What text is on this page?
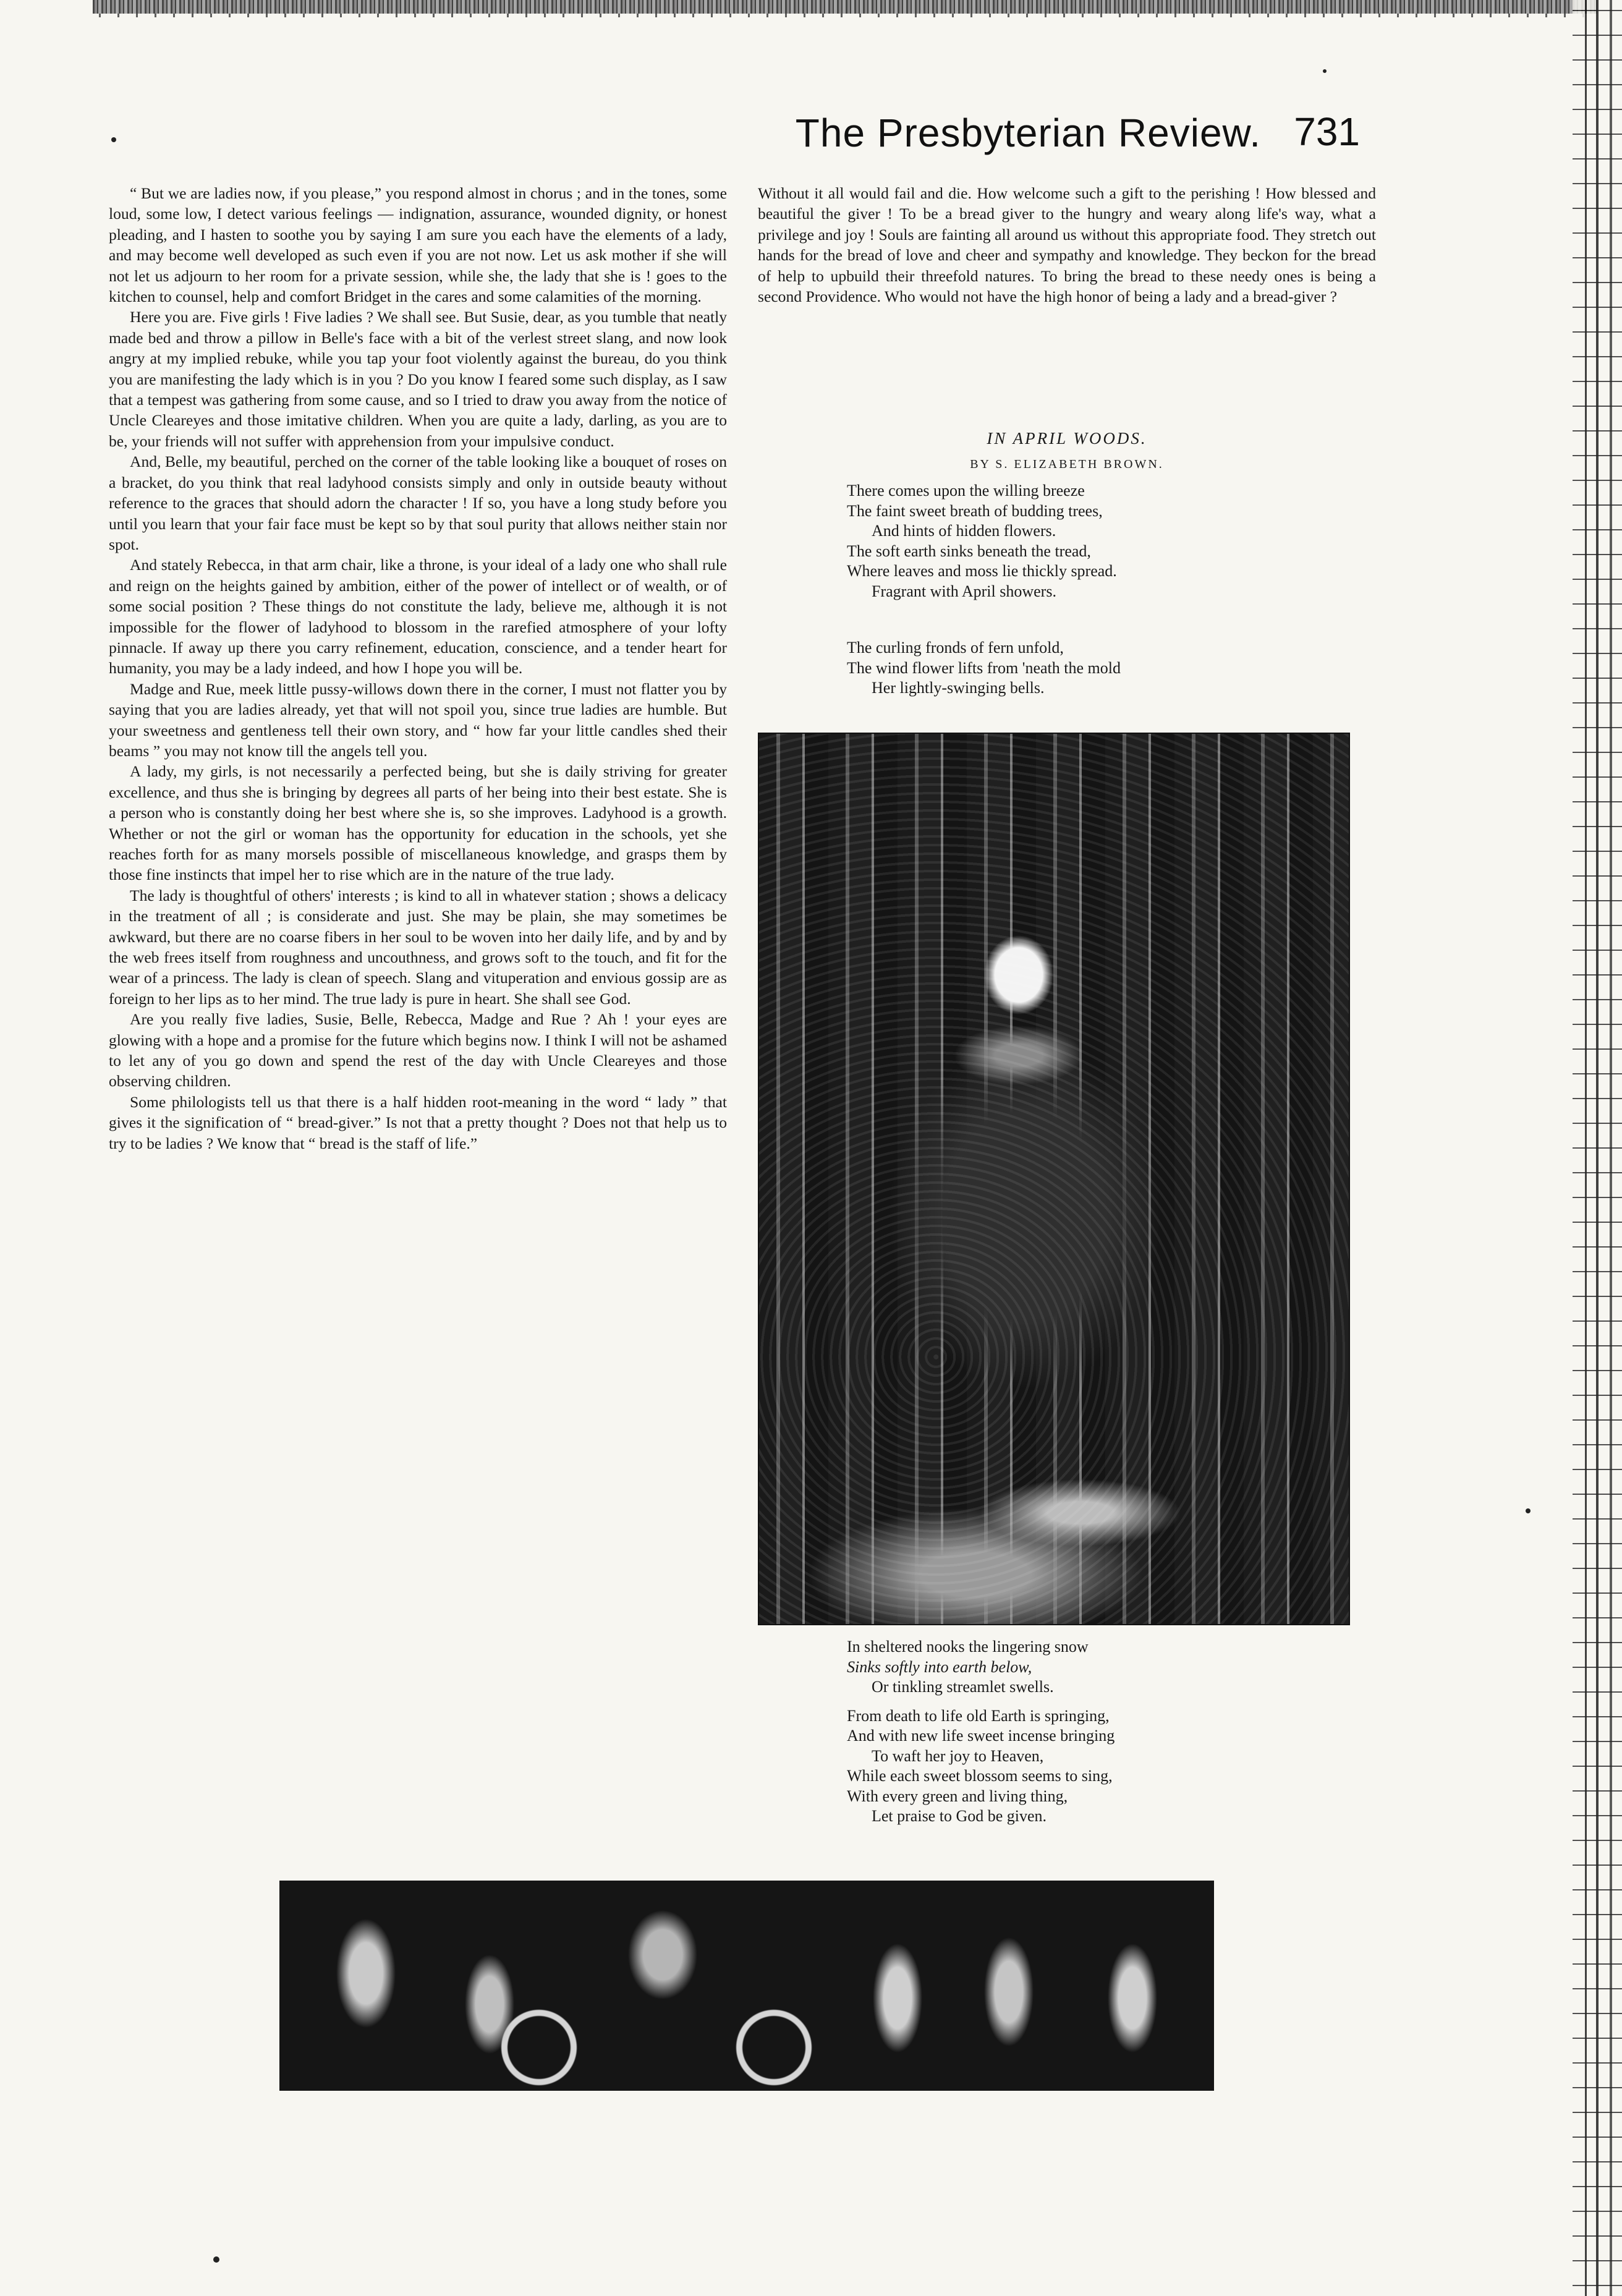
The Presbyterian Review. 731

“ But we are ladies now, if you please,” you respond almost in chorus ; and in the tones, some loud, some low, I detect various feelings — indignation, assurance, wounded dignity, or honest pleading, and I hasten to soothe you by saying I am sure you each have the elements of a lady, and may become well developed as such even if you are not now. Let us ask mother if she will not let us adjourn to her room for a private session, while she, the lady that she is ! goes to the kitchen to counsel, help and comfort Bridget in the cares and some calamities of the morning.

Here you are. Five girls ! Five ladies ? We shall see. But Susie, dear, as you tumble that neatly made bed and throw a pillow in Belle's face with a bit of the verlest street slang, and now look angry at my implied rebuke, while you tap your foot violently against the bureau, do you think you are manifesting the lady which is in you ? Do you know I feared some such display, as I saw that a tempest was gathering from some cause, and so I tried to draw you away from the notice of Uncle Cleareyes and those imitative children. When you are quite a lady, darling, as you are to be, your friends will not suffer with apprehension from your impulsive conduct.

And, Belle, my beautiful, perched on the corner of the table looking like a bouquet of roses on a bracket, do you think that real ladyhood consists simply and only in outside beauty without reference to the graces that should adorn the character ! If so, you have a long study before you until you learn that your fair face must be kept so by that soul purity that allows neither stain nor spot.

And stately Rebecca, in that arm chair, like a throne, is your ideal of a lady one who shall rule and reign on the heights gained by ambition, either of the power of intellect or of wealth, or of some social position ? These things do not constitute the lady, believe me, although it is not impossible for the flower of ladyhood to blossom in the rarefied atmosphere of your lofty pinnacle. If away up there you carry refinement, education, conscience, and a tender heart for humanity, you may be a lady indeed, and how I hope you will be.

Madge and Rue, meek little pussy-willows down there in the corner, I must not flatter you by saying that you are ladies already, yet that will not spoil you, since true ladies are humble. But your sweetness and gentleness tell their own story, and “ how far your little candles shed their beams ” you may not know till the angels tell you.

A lady, my girls, is not necessarily a perfected being, but she is daily striving for greater excellence, and thus she is bringing by degrees all parts of her being into their best estate. She is a person who is constantly doing her best where she is, so she improves. Ladyhood is a growth. Whether or not the girl or woman has the opportunity for education in the schools, yet she reaches forth for as many morsels possible of miscellaneous knowledge, and grasps them by those fine instincts that impel her to rise which are in the nature of the true lady.

The lady is thoughtful of others' interests ; is kind to all in whatever station ; shows a delicacy in the treatment of all ; is considerate and just. She may be plain, she may sometimes be awkward, but there are no coarse fibers in her soul to be woven into her daily life, and by and by the web frees itself from roughness and uncouthness, and grows soft to the touch, and fit for the wear of a princess. The lady is clean of speech. Slang and vituperation and envious gossip are as foreign to her lips as to her mind. The true lady is pure in heart. She shall see God.

Are you really five ladies, Susie, Belle, Rebecca, Madge and Rue ? Ah ! your eyes are glowing with a hope and a promise for the future which begins now. I think I will not be ashamed to let any of you go down and spend the rest of the day with Uncle Cleareyes and those observing children.

Some philologists tell us that there is a half hidden root-meaning in the word “ lady ” that gives it the signification of “ bread-giver.” Is not that a pretty thought ? Does not that help us to try to be ladies ? We know that “ bread is the staff of life.”

Without it all would fail and die. How welcome such a gift to the perishing ! How blessed and beautiful the giver ! To be a bread giver to the hungry and weary along life's way, what a privilege and joy ! Souls are fainting all around us without this appropriate food. They stretch out hands for the bread of love and cheer and sympathy and knowledge. They beckon for the bread of help to upbuild their threefold natures. To bring the bread to these needy ones is being a second Providence. Who would not have the high honor of being a lady and a bread-giver ?

IN APRIL WOODS.
BY S. ELIZABETH BROWN.
There comes upon the willing breeze
The faint sweet breath of budding trees,
And hints of hidden flowers.
The soft earth sinks beneath the tread,
Where leaves and moss lie thickly spread.
Fragrant with April showers.
The curling fronds of fern unfold,
The wind flower lifts from 'neath the mold
Her lightly-swinging bells.
In sheltered nooks the lingering snow
Sinks softly into earth below,
Or tinkling streamlet swells.
From death to life old Earth is springing,
And with new life sweet incense bringing
To waft her joy to Heaven,
While each sweet blossom seems to sing,
With every green and living thing,
Let praise to God be given.
